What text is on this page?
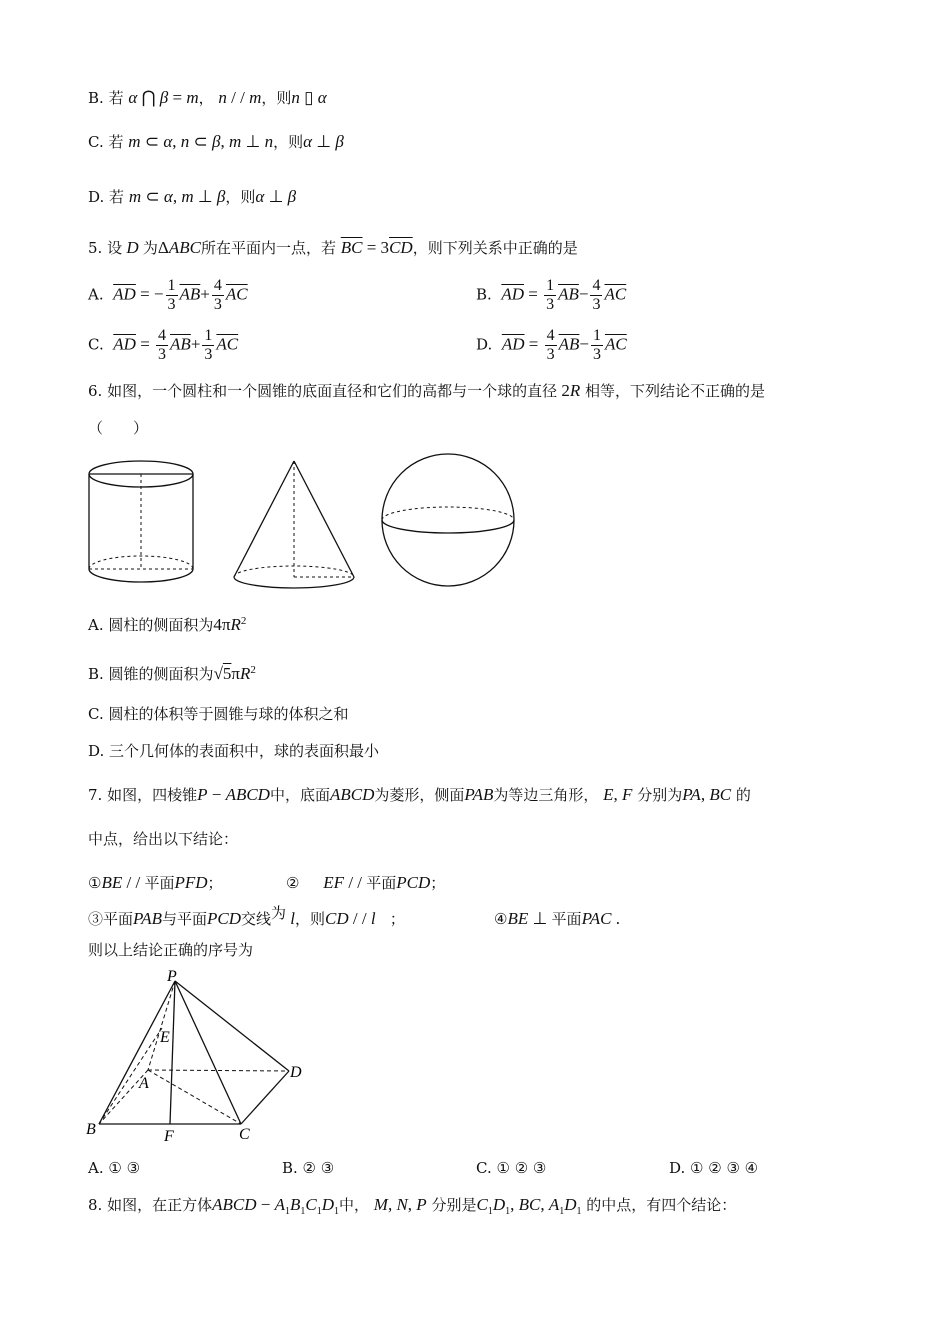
B. 若 α ⋂ β = m， n / / m，则n ▯ α
C. 若 m ⊂ α, n ⊂ β, m ⊥ n，则α ⊥ β
D. 若 m ⊂ α, m ⊥ β，则α ⊥ β
5. 设 D 为ΔABC所在平面内一点，若 $\overline{BC} = 3\overline{CD}$，则下列关系中正确的是
A. $\overline{AD}$ = − $\frac{1}{3} \overline{AB}+ \frac{4}{3} \overline{AC}$	B. $\overline{AD} = \frac{1}{3} \overline{AB}- \frac{4}{3} \overline{AC}$
C. $\overline{AD} = \frac{4}{3} \overline{AB}+ \frac{1}{3} \overline{AC}$	D. $\overline{AD} = \frac{4}{3} \overline{AB}- \frac{1}{3} \overline{AC}$
6. 如图，一个圆柱和一个圆锥的底面直径和它们的高都与一个球的直径 2R 相等，下列结论不正确的是
（　　）
A. 圆柱的侧面积为$4\pi R^2$
B. 圆锥的侧面积为$√5\pi R^2$
C. 圆柱的体积等于圆锥与球的体积之和
D. 三个几何体的表面积中，球的表面积最小
7. 如图，四棱锥P − ABCD中，底面ABCD为菱形，侧面PAB为等边三角形， E, F 分别为PA, BC 的
中点，给出以下结论：
①BE / / 平面PFD；	② EF / / 平面PCD；
③平面PAB与平面PCD交线为 l，则CD / / l ；	④BE ⊥ 平面PAC .
则以上结论正确的序号为
P
E
A
D
B	F	C
A. ① ③	B. ② ③	C. ① ② ③	D. ① ② ③ ④
8. 如图，在正方体ABCD − $A_1B_1C_1D_1$中， M, N, P 分别是$C_1D_1$, BC, $A_1D_1$ 的中点，有四个结论：
